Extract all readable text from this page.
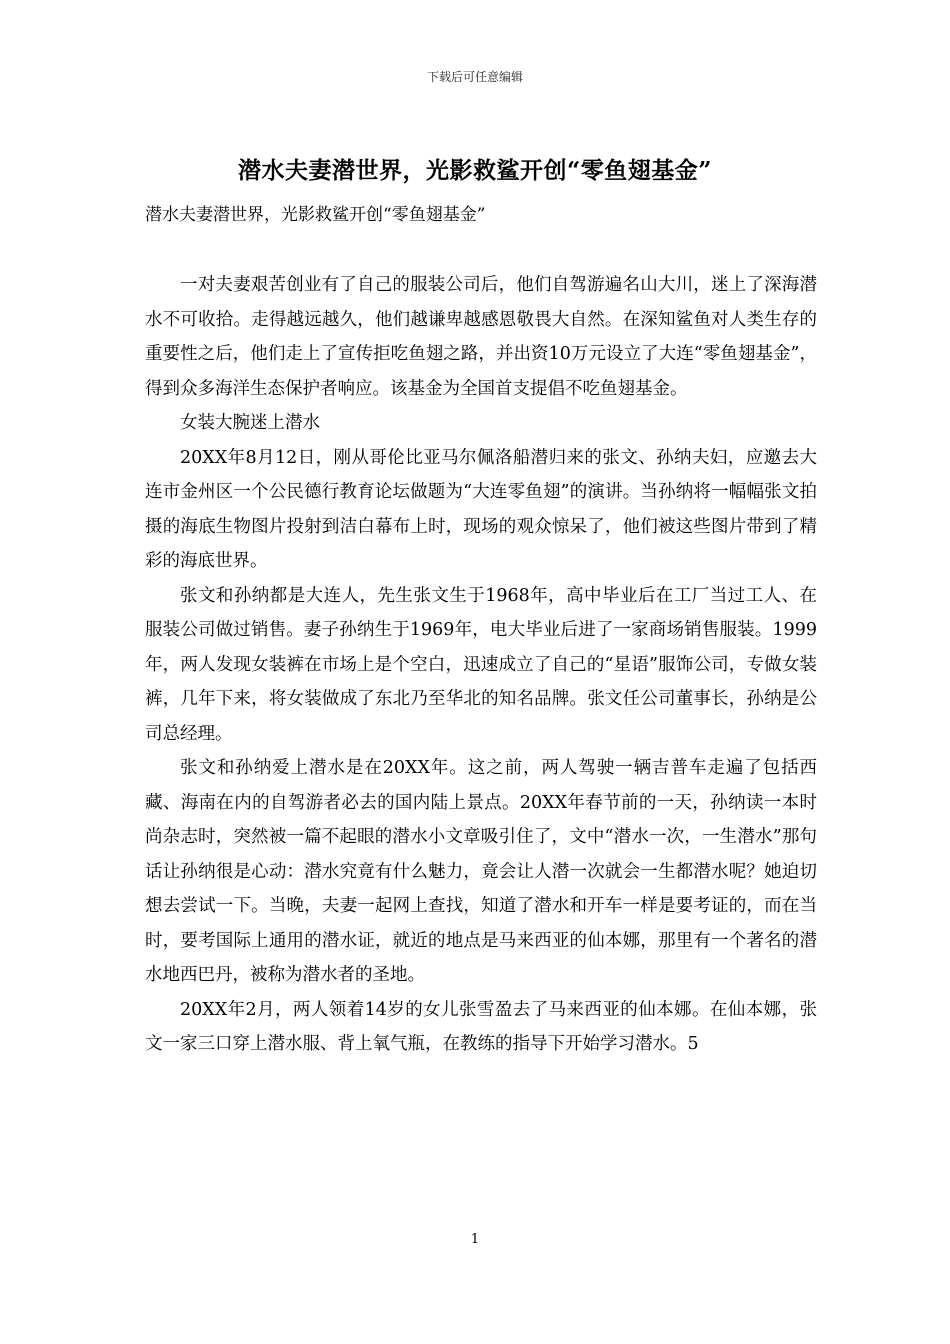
下载后可任意编辑
潜水夫妻潜世界，光影救鲨开创“零鱼翅基金”
潜水夫妻潜世界，光影救鲨开创“零鱼翅基金”

一对夫妻艰苦创业有了自己的服装公司后，他们自驾游遍名山大川，迷上了深海潜水不可收拾。走得越远越久，他们越谦卑越感恩敬畏大自然。在深知鲨鱼对人类生存的重要性之后，他们走上了宣传拒吃鱼翅之路，并出资10万元设立了大连“零鱼翅基金”，得到众多海洋生态保护者响应。该基金为全国首支提倡不吃鱼翅基金。

女装大腕迷上潜水

20XX年8月12日，刚从哥伦比亚马尔佩洛船潜归来的张文、孙纳夫妇，应邀去大连市金州区一个公民德行教育论坛做题为“大连零鱼翅”的演讲。当孙纳将一幅幅张文拍摄的海底生物图片投射到洁白幕布上时，现场的观众惊呆了，他们被这些图片带到了精彩的海底世界。

张文和孙纳都是大连人，先生张文生于1968年，高中毕业后在工厂当过工人、在服装公司做过销售。妻子孙纳生于1969年，电大毕业后进了一家商场销售服装。1999年，两人发现女装裤在市场上是个空白，迅速成立了自己的“星语”服饰公司，专做女装裤，几年下来，将女装做成了东北乃至华北的知名品牌。张文任公司董事长，孙纳是公司总经理。

张文和孙纳爱上潜水是在20XX年。这之前，两人驾驶一辆吉普车走遍了包括西藏、海南在内的自驾游者必去的国内陆上景点。20XX年春节前的一天，孙纳读一本时尚杂志时，突然被一篇不起眼的潜水小文章吸引住了，文中“潜水一次，一生潜水”那句话让孙纳很是心动：潜水究竟有什么魅力，竟会让人潜一次就会一生都潜水呢？她迫切想去尝试一下。当晚，夫妻一起网上查找，知道了潜水和开车一样是要考证的，而在当时，要考国际上通用的潜水证，就近的地点是马来西亚的仙本娜，那里有一个著名的潜水地西巴丹，被称为潜水者的圣地。

20XX年2月，两人领着14岁的女儿张雪盈去了马来西亚的仙本娜。在仙本娜，张文一家三口穿上潜水服、背上氧气瓶，在教练的指导下开始学习潜水。5

1
